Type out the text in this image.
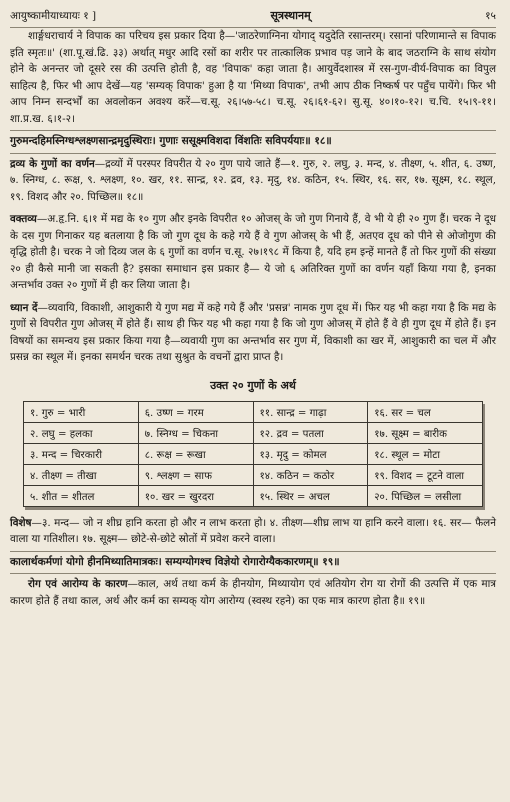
आयुष्कामीयाध्यायः १ ]	सूत्रस्थानम्	१५

शार्ङ्गधराचार्य ने विपाक का परिचय इस प्रकार दिया है—'जाठरेणाग्निना योगाद् यदुदेति रसान्तरम्। रसानां परिणामान्ते स विपाक इति स्मृतः॥' (शा.पू.खं.ढि. ३३) अर्थात् मधुर आदि रसों का शरीर पर तात्कालिक प्रभाव पड़ जाने के बाद जठराग्नि के साथ संयोग होने के अनन्तर जो दूसरे रस की उत्पत्ति होती है, वह 'विपाक' कहा जाता है। आयुर्वेदशास्त्र में रस-गुण-वीर्य-विपाक का विपुल साहित्य है, फिर भी आप देखें—यह 'सम्यक् विपाक' हुआ है या 'मिथ्या विपाक', तभी आप ठीक निष्कर्ष पर पहुँच पायेंगे। फिर भी आप निम्न सन्दर्भों का अवलोकन अवश्य करें—च.सू. २६।५७-५८। च.सू. २६।६१-६२। सु.सू. ४०।१०-१२। च.चि. १५।९-११। शा.प्र.ख. ६।१-२।

गुरुमन्दहिमस्निग्धश्लक्ष्णसान्द्रमृदुस्थिराः। गुणाः ससूक्ष्मविशदा विंशतिः सविपर्ययाः॥ १८॥

द्रव्य के गुणों का वर्णन—द्रव्यों में परस्पर विपरीत ये २० गुण पाये जाते हैं—१. गुरु, २. लघु, ३. मन्द, ४. तीक्ष्ण, ५. शीत, ६. उष्ण, ७. स्निग्ध, ८. रूक्ष, ९. श्लक्ष्ण, १०. खर, ११. सान्द्र, १२. द्रव, १३. मृदु, १४. कठिन, १५. स्थिर, १६. सर, १७. सूक्ष्म, १८. स्थूल, १९. विशद और २०. पिच्छिल॥ १८॥

वक्तव्य—अ.हृ.नि. ६।१ में मद्य के १० गुण और इनके विपरीत १० ओजस् के जो गुण गिनाये हैं, वे भी ये ही २० गुण हैं। चरक ने दूध के दस गुण गिनाकर यह बतलाया है कि जो गुण दूध के कहे गये हैं वे गुण ओजस् के भी हैं, अतएव दूध को पीने से ओजोगुण की वृद्धि होती है। चरक ने जो दिव्य जल के ६ गुणों का वर्णन च.सू. २७।१९८ में किया है, यदि हम इन्हें मानते हैं तो फिर गुणों की संख्या २० ही कैसे मानी जा सकती है? इसका समाधान इस प्रकार है— ये जो ६ अतिरिक्त गुणों का वर्णन यहाँ किया गया है, इनका अन्तर्भाव उक्त २० गुणों में ही कर लिया जाता है।

ध्यान दें—व्यवायि, विकाशी, आशुकारी ये गुण मद्य में कहे गये हैं और 'प्रसन्न' नामक गुण दूध में। फिर यह भी कहा गया है कि मद्य के गुणों से विपरीत गुण ओजस् में होते हैं। साथ ही फिर यह भी कहा गया है कि जो गुण ओजस् में होते हैं वे ही गुण दूध में होते हैं। इन विषयों का समन्वय इस प्रकार किया गया है—व्यवायी गुण का अन्तर्भाव सर गुण में, विकाशी का खर में, आशुकारी का चल में और प्रसन्न का स्थूल में। इनका समर्थन चरक तथा सुश्रुत के वचनों द्वारा प्राप्त है।

उक्त २० गुणों के अर्थ
१. गुरु = भारी	६. उष्ण = गरम	११. सान्द्र = गाढ़ा	१६. सर = चल
२. लघु = हलका	७. स्निग्ध = चिकना	१२. द्रव = पतला	१७. सूक्ष्म = बारीक
३. मन्द = चिरकारी	८. रूक्ष = रूखा	१३. मृदु = कोमल	१८. स्थूल = मोटा
४. तीक्ष्ण = तीखा	९. श्लक्ष्ण = साफ	१४. कठिन = कठोर	१९. विशद = टूटने वाला
५. शीत = शीतल	१०. खर = खुरदरा	१५. स्थिर = अचल	२०. पिच्छिल = लसीला

विशेष—३. मन्द— जो न शीघ्र हानि करता हो और न लाभ करता हो। ४. तीक्ष्ण—शीघ्र लाभ या हानि करने वाला। १६. सर— फैलने वाला या गतिशील। १७. सूक्ष्म— छोटे-से-छोटे स्रोतों में प्रवेश करने वाला।

कालार्थकर्मणां योगो हीनमिथ्यातिमात्रकः। सम्यग्योगश्च विज्ञेयो रोगारोग्यैककारणम्॥ १९॥

रोग एवं आरोग्य के कारण—काल, अर्थ तथा कर्म के हीनयोग, मिथ्यायोग एवं अतियोग रोग या रोगों की उत्पत्ति में एक मात्र कारण होते हैं तथा काल, अर्थ और कर्म का सम्यक् योग आरोग्य (स्वस्थ रहने) का एक मात्र कारण होता है॥ १९॥
